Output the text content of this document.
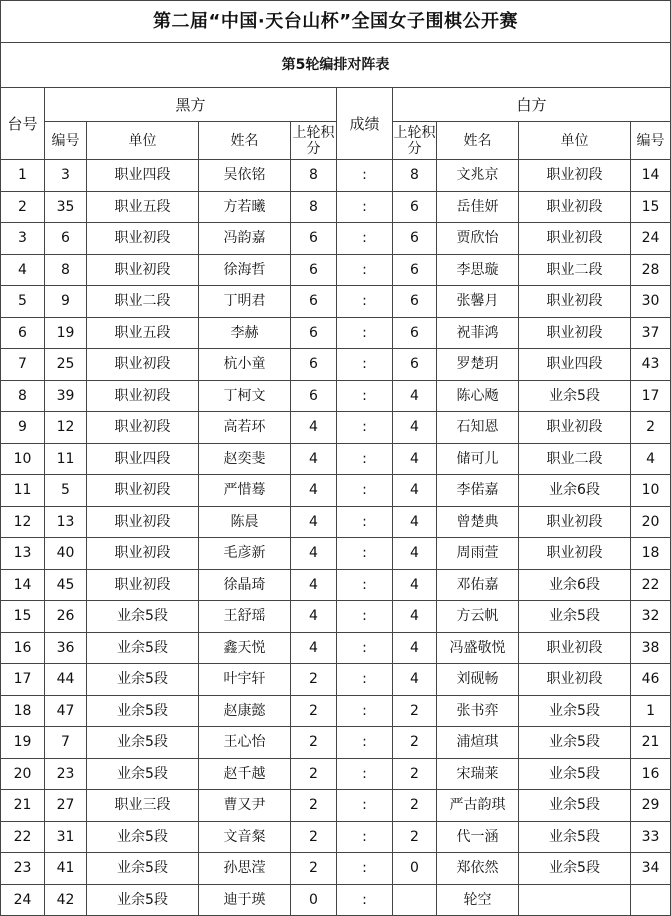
第二届“中国·天台山杯”全国女子围棋公开赛									
第5轮编排对阵表									
台号	黑方				成绩	白方			
	编号	单位	姓名	上轮积分		上轮积分	姓名	单位	编号
1	3	职业四段	吴依铭	8	:	8	文兆京	职业初段	14
2	35	职业五段	方若曦	8	:	6	岳佳妍	职业初段	15
3	6	职业初段	冯韵嘉	6	:	6	贾欣怡	职业初段	24
4	8	职业初段	徐海哲	6	:	6	李思璇	职业二段	28
5	9	职业二段	丁明君	6	:	6	张馨月	职业初段	30
6	19	职业五段	李赫	6	:	6	祝菲鸿	职业初段	37
7	25	职业初段	杭小童	6	:	6	罗楚玥	职业四段	43
8	39	职业初段	丁柯文	6	:	4	陈心飏	业余5段	17
9	12	职业初段	高若环	4	:	4	石知恩	职业初段	2
10	11	职业四段	赵奕斐	4	:	4	储可儿	职业二段	4
11	5	职业初段	严惜蓦	4	:	4	李偌嘉	业余6段	10
12	13	职业初段	陈晨	4	:	4	曾楚典	职业初段	20
13	40	职业初段	毛彦新	4	:	4	周雨萱	职业初段	18
14	45	职业初段	徐晶琦	4	:	4	邓佑嘉	业余6段	22
15	26	业余5段	王舒瑶	4	:	4	方云帆	业余5段	32
16	36	业余5段	鑫天悦	4	:	4	冯盛敬悦	职业初段	38
17	44	业余5段	叶宇轩	2	:	4	刘砚畅	职业初段	46
18	47	业余5段	赵康懿	2	:	2	张书弈	业余5段	1
19	7	业余5段	王心怡	2	:	2	浦煊琪	业余5段	21
20	23	业余5段	赵千越	2	:	2	宋瑞莱	业余5段	16
21	27	职业三段	曹又尹	2	:	2	严古韵琪	业余5段	29
22	31	业余5段	文音粲	2	:	2	代一涵	业余5段	33
23	41	业余5段	孙思滢	2	:	0	郑依然	业余5段	34
24	42	业余5段	迪于瑛	0	:		轮空		
